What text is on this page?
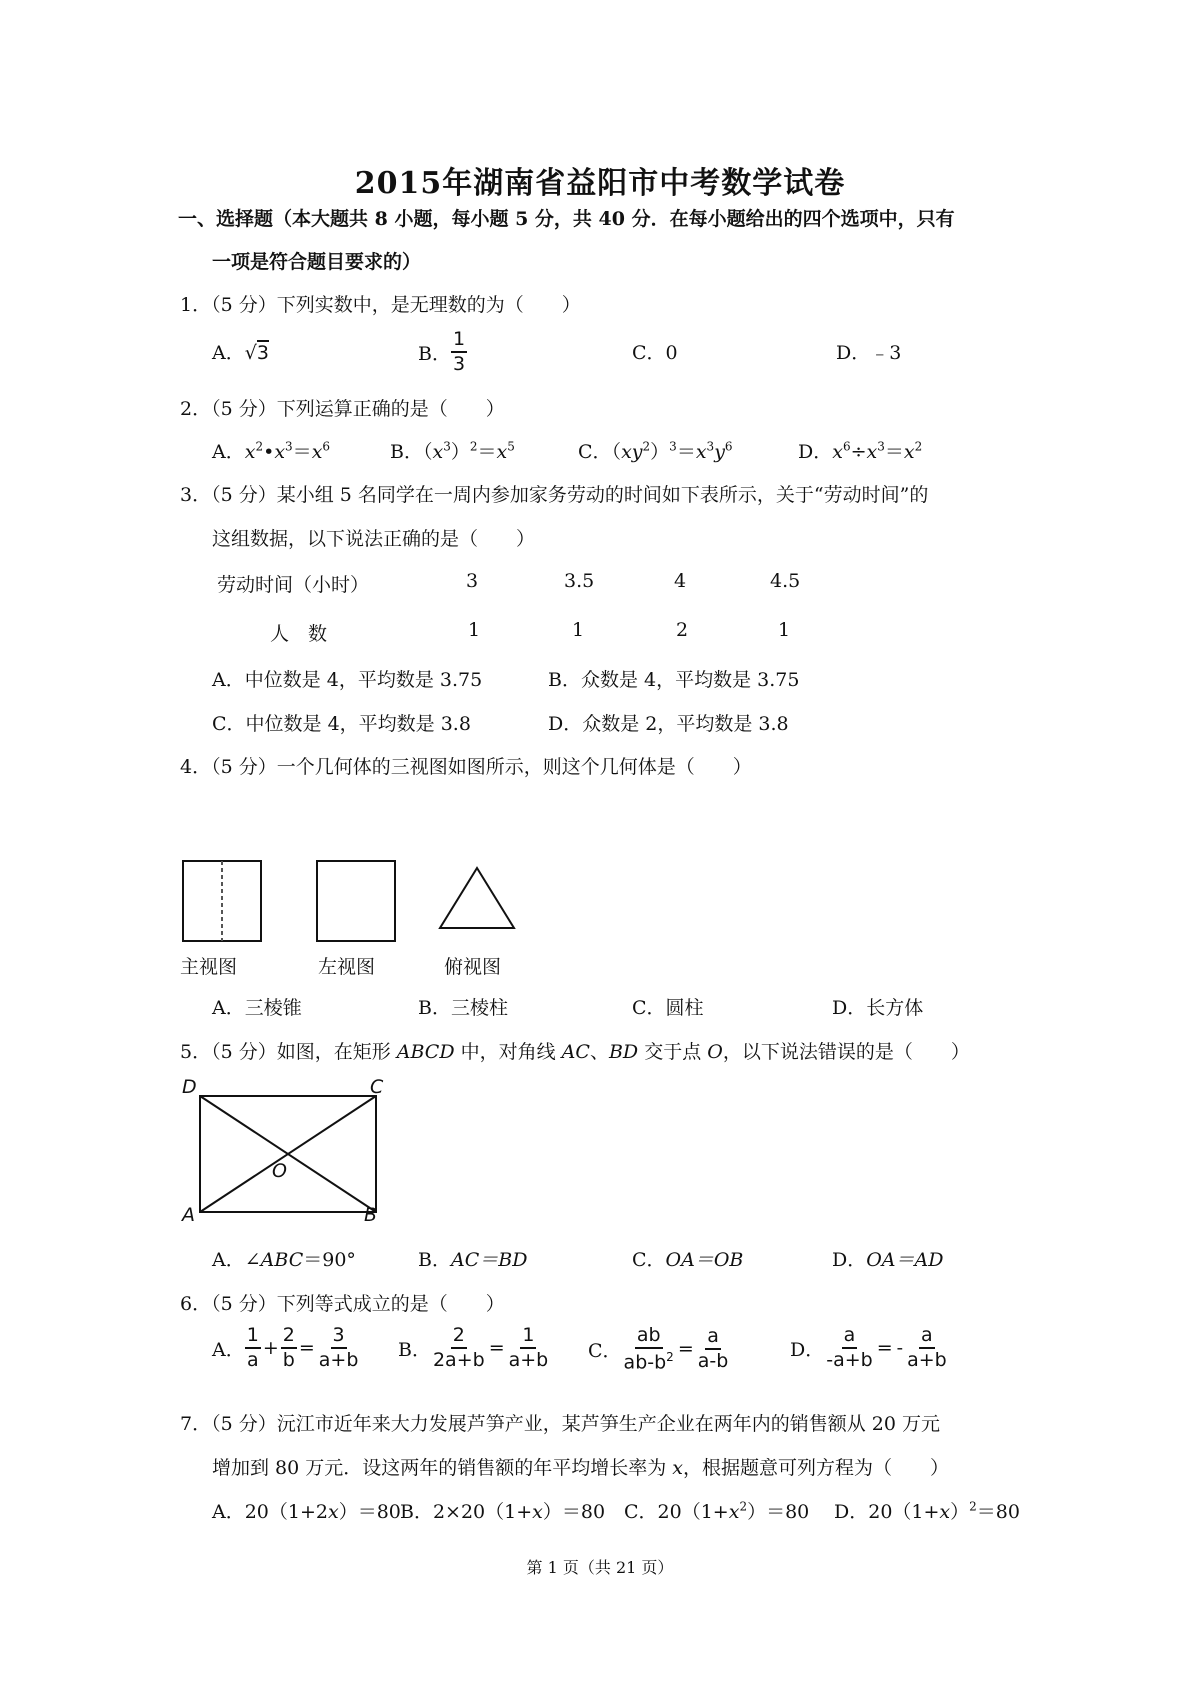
2015年湖南省益阳市中考数学试卷
一、选择题（本大题共 8 小题，每小题 5 分，共 40 分．在每小题给出的四个选项中，只有
一项是符合题目要求的）
1．（5 分）下列实数中，是无理数的为（　　）
A．√3	B． $\frac{1}{3}$	C．0	D．﹣3
2．（5 分）下列运算正确的是（　　）
A．$x^2•x^3=x^6$	B．$(x^3)^2=x^5$	C．$(xy^2)^3=x^3y^6$	D．$x^6\div x^3=x^2$
3．（5 分）某小组 5 名同学在一周内参加家务劳动的时间如下表所示，关于“劳动时间”的
这组数据，以下说法正确的是（　　）
劳动时间（小时）	3	3.5	4	4.5
人　数	1	1	2	1
A．中位数是 4，平均数是 3.75	B．众数是 4，平均数是 3.75
C．中位数是 4，平均数是 3.8	D．众数是 2，平均数是 3.8
4．（5 分）一个几何体的三视图如图所示，则这个几何体是（　　）
主视图	左视图	俯视图
A．三棱锥	B．三棱柱	C．圆柱	D．长方体
5．（5 分）如图，在矩形 ABCD 中，对角线 AC、BD 交于点 O，以下说法错误的是（　　）
D	C
A	B
O
A．∠ABC＝90°	B．AC＝BD	C．OA＝OB	D．OA＝AD
6．（5 分）下列等式成立的是（　　）
A． $\frac{1}{a} + \frac{2}{b} = \frac{3}{a+b}$ B． $\frac{2}{2a+b} = \frac{1}{a+b}$ C． $\frac{ab}{ab-b^2} = \frac{a}{a-b}$	D． $\frac{a}{-a+b}$ = - $\frac{a}{a+b}$
7．（5 分）沅江市近年来大力发展芦笋产业，某芦笋生产企业在两年内的销售额从 20 万元
增加到 80 万元．设这两年的销售额的年平均增长率为 x，根据题意可列方程为（　　）
A．20（1+2x）＝80 B．2×20（1+x）＝80 C．$20(1+x^2)=80$ D．$20(1+x)^2=80$
第 1 页（共 21 页）
